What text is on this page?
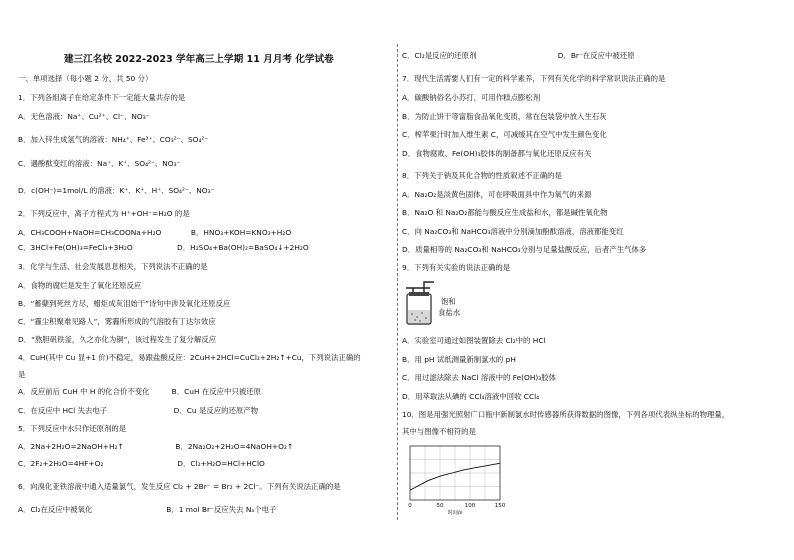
建三江名校 2022-2023 学年高三上学期 11 月月考 化学试卷
一、单项选择（每小题 2 分，共 50 分）
1．下列各组离子在给定条件下一定能大量共存的是
A．无色溶液：Na⁺、Cu²⁺、Cl⁻、NO₃⁻
B．加入锌生成氢气的溶液：NH₄⁺、Fe³⁺、CO₃²⁻、SO₄²⁻
C．遇酚酞变红的溶液：Na⁺、K⁺、SO₄²⁻、NO₃⁻
D．c(OH⁻)=1mol/L 的溶液：K⁺、K⁺、H⁺、SO₄²⁻、NO₃⁻
2．下列反应中，离子方程式为 H⁺+OH⁻=H₂O 的是
A．CH₃COOH+NaOH=CH₃COONa+H₂O　　　　B．HNO₃+KOH=KNO₃+H₂O
C．3HCl+Fe(OH)₃=FeCl₃+3H₂O　　　　　　D．H₂SO₄+Ba(OH)₂=BaSO₄↓+2H₂O
3．化学与生活、社会发展息息相关，下列说法不正确的是
A．食物的腐烂是发生了氧化还原反应
B．“蓄蘖到死丝方尽，蜡炬成灰泪始干”诗句中涉及氧化还原反应
C．“霾尘积聚难见路人”，雾霾所形成的气溶胶有丁达尔效应
D．“熬胆矾铁釜，久之亦化为铜”，该过程发生了复分解反应
4．CuH(其中 Cu 显+1 价)不稳定，易跟盐酸反应：2CuH+2HCl=CuCl₂+2H₂↑+Cu，下列说法正确的
是
A．反应前后 CuH 中 H 的化合价不变化　　　B．CuH 在反应中只被还原
C．在反应中 HCl 失去电子　　　　　　　　　D．Cu 是反应的还原产物
5．下列反应中水只作还原剂的是
A．2Na+2H₂O=2NaOH+H₂↑　　　　　　　B．2Na₂O₂+2H₂O=4NaOH+O₂↑
C．2F₂+2H₂O=4HF+O₂　　　　　　　　　　D．Cl₂+H₂O=HCl+HClO
6．向溴化亚铁溶液中通入适量氯气，发生反应 Cl₂ + 2Br⁻ = Br₂ + 2Cl⁻。下列有关说法正确的是
A．Cl₂在反应中被氧化　　　　　　　　　　B．1 mol Br⁻反应失去 Nₐ个电子
C．Cl₂是反应的还原剂　　　　　　　　　　　D．Br⁻在反应中被还原
7．现代生活需要人们有一定的科学素养，下列有关化学的科学常识说法正确的是
A．碳酸钠俗名小苏打，可用作糕点膨松剂
B．为防止饼干等富脂食品氧化变质，常在包装袋中放入生石灰
C．榨苹果汁时加入维生素 C，可减缓其在空气中发生颜色变化
D．食物腐败、Fe(OH)₃胶体的制备都与氧化还原反应有关
8．下列关于钠及其化合物的性质叙述不正确的是
A．Na₂O₂是淡黄色固体，可在呼吸面具中作为氧气的来源
B．Na₂O 和 Na₂O₂都能与酸反应生成盐和水，都是碱性氧化物
C．向 Na₂CO₃和 NaHCO₃溶液中分别滴加酚酞溶液，溶液都能变红
D．质量相等的 Na₂CO₃和 NaHCO₃分别与足量盐酸反应，后者产生气体多
9．下列有关实验的说法正确的是
A．实验室可通过如图装置除去 Cl₂中的 HCl
B．用 pH 试纸测量新制氯水的 pH
C．用过滤法除去 NaCl 溶液中的 Fe(OH)₃胶体
D．用萃取法从碘的 CCl₄溶液中回收 CCl₄
10．图是用强光照射广口瓶中新制氯水时传感器所获得数据的图像，下列各项代表纵坐标的物理量，
其中与图像不相符的是
饱和
食盐水
0	50	100	150
时间/s
